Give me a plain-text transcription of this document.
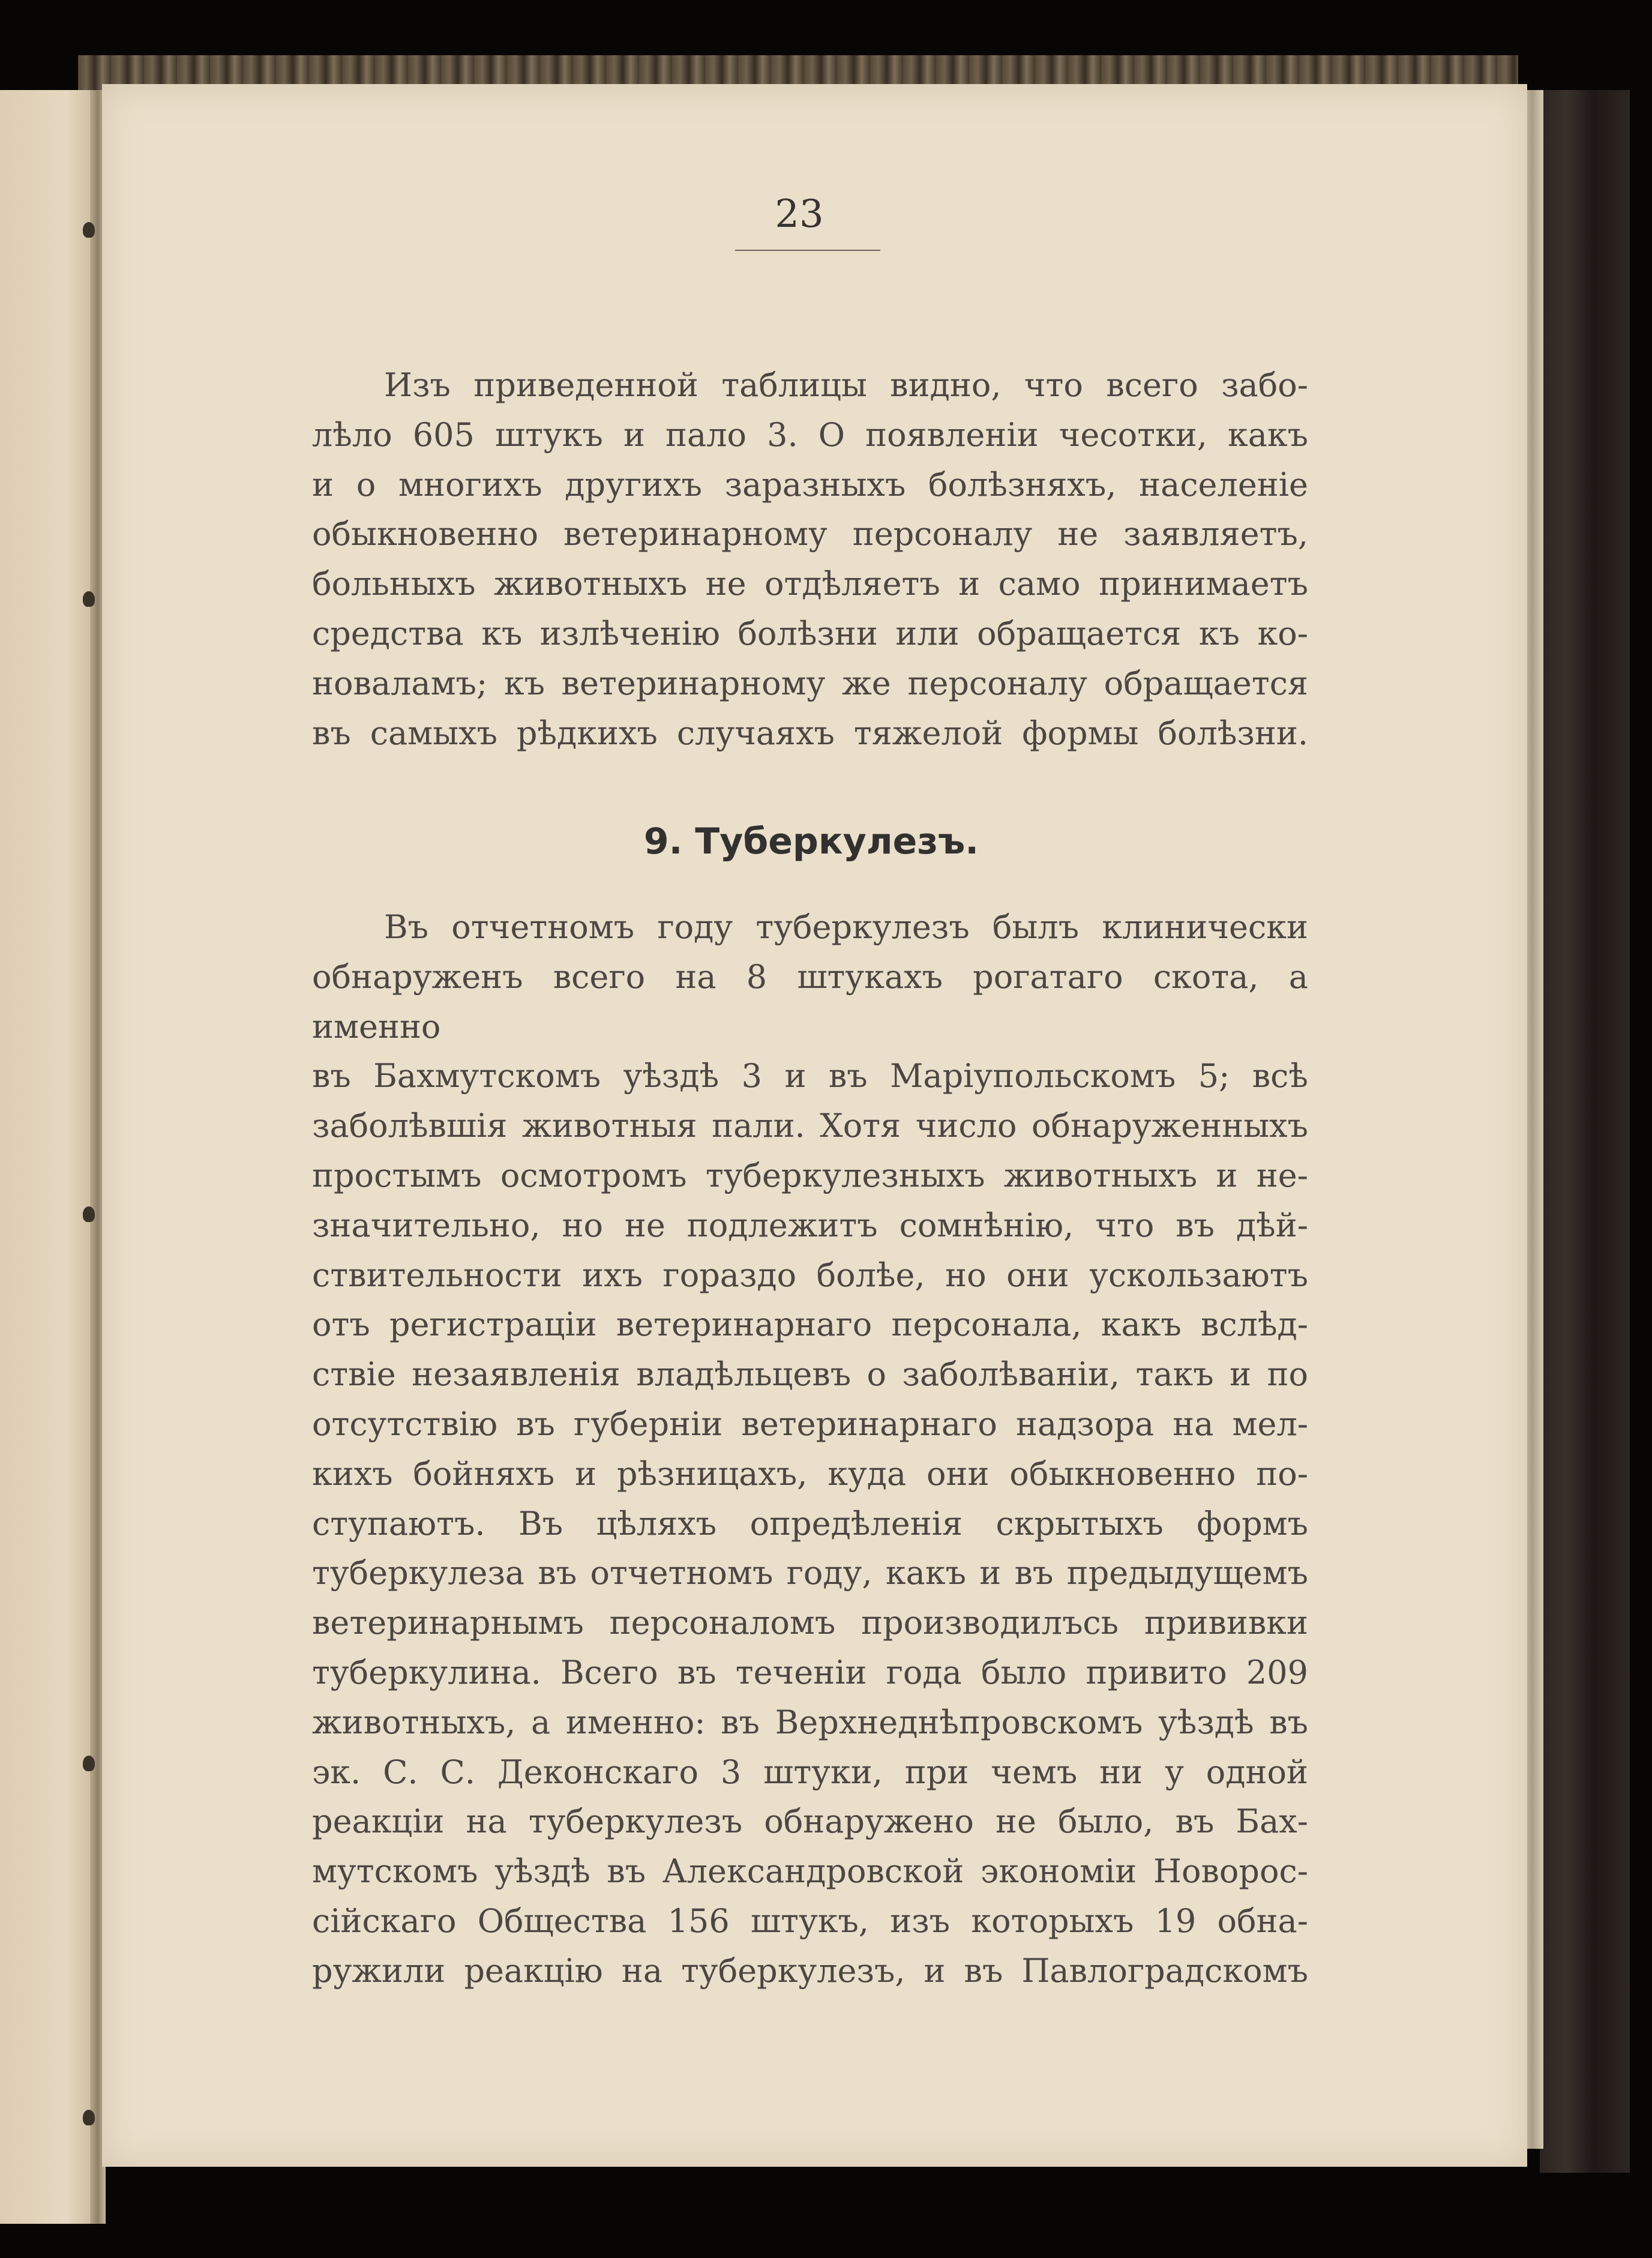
23

Изъ приведенной таблицы видно, что всего забо-
лѣло 605 штукъ и пало 3. О появленіи чесотки, какъ
и о многихъ другихъ заразныхъ болѣзняхъ, населеніе
обыкновенно ветеринарному персоналу не заявляетъ,
больныхъ животныхъ не отдѣляетъ и само принимаетъ
средства къ излѣченію болѣзни или обращается къ ко-
новаламъ; къ ветеринарному же персоналу обращается
въ самыхъ рѣдкихъ случаяхъ тяжелой формы болѣзни.

9. Туберкулезъ.

Въ отчетномъ году туберкулезъ былъ клинически
обнаруженъ всего на 8 штукахъ рогатаго скота, а именно
въ Бахмутскомъ уѣздѣ 3 и въ Маріупольскомъ 5; всѣ
заболѣвшія животныя пали. Хотя число обнаруженныхъ
простымъ осмотромъ туберкулезныхъ животныхъ и не-
значительно, но не подлежитъ сомнѣнію, что въ дѣй-
ствительности ихъ гораздо болѣе, но они ускользаютъ
отъ регистраціи ветеринарнаго персонала, какъ вслѣд-
ствіе незаявленія владѣльцевъ о заболѣваніи, такъ и по
отсутствію въ губерніи ветеринарнаго надзора на мел-
кихъ бойняхъ и рѣзницахъ, куда они обыкновенно по-
ступаютъ. Въ цѣляхъ опредѣленія скрытыхъ формъ
туберкулеза въ отчетномъ году, какъ и въ предыдущемъ
ветеринарнымъ персоналомъ производилъсь прививки
туберкулина. Всего въ теченіи года было привито 209
животныхъ, а именно: въ Верхнеднѣпровскомъ уѣздѣ въ
эк. С. С. Деконскаго 3 штуки, при чемъ ни у одной
реакціи на туберкулезъ обнаружено не было, въ Бах-
мутскомъ уѣздѣ въ Александровской экономіи Новорос-
сійскаго Общества 156 штукъ, изъ которыхъ 19 обна-
ружили реакцію на туберкулезъ, и въ Павлоградскомъ
